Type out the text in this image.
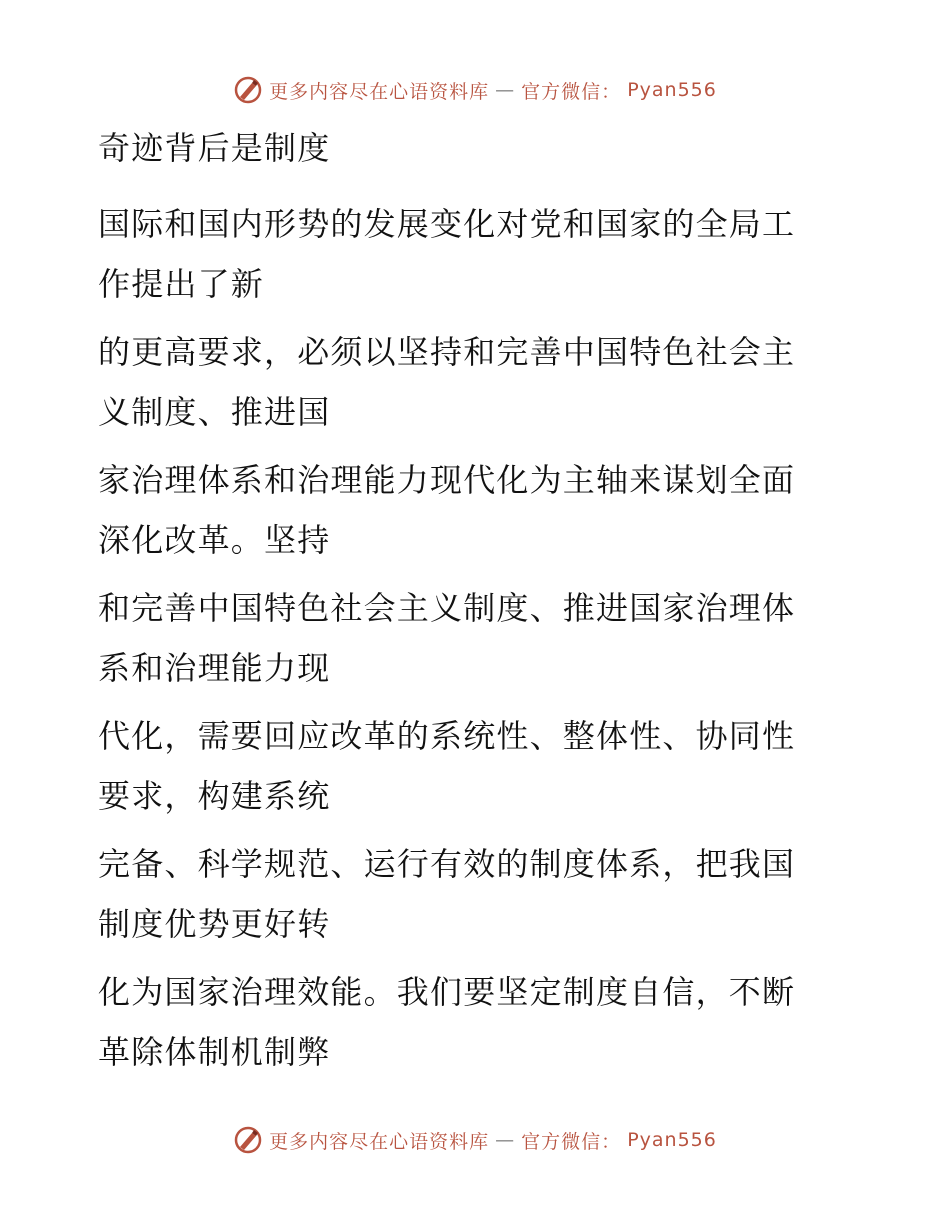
更多内容尽在心语资料库 — 官方微信： Pyan556
奇迹背后是制度
国际和国内形势的发展变化对党和国家的全局工
作提出了新
的更高要求，必须以坚持和完善中国特色社会主
义制度、推进国
家治理体系和治理能力现代化为主轴来谋划全面
深化改革。坚持
和完善中国特色社会主义制度、推进国家治理体
系和治理能力现
代化，需要回应改革的系统性、整体性、协同性
要求，构建系统
完备、科学规范、运行有效的制度体系，把我国
制度优势更好转
化为国家治理效能。我们要坚定制度自信，不断
革除体制机制弊
更多内容尽在心语资料库 — 官方微信： Pyan556
